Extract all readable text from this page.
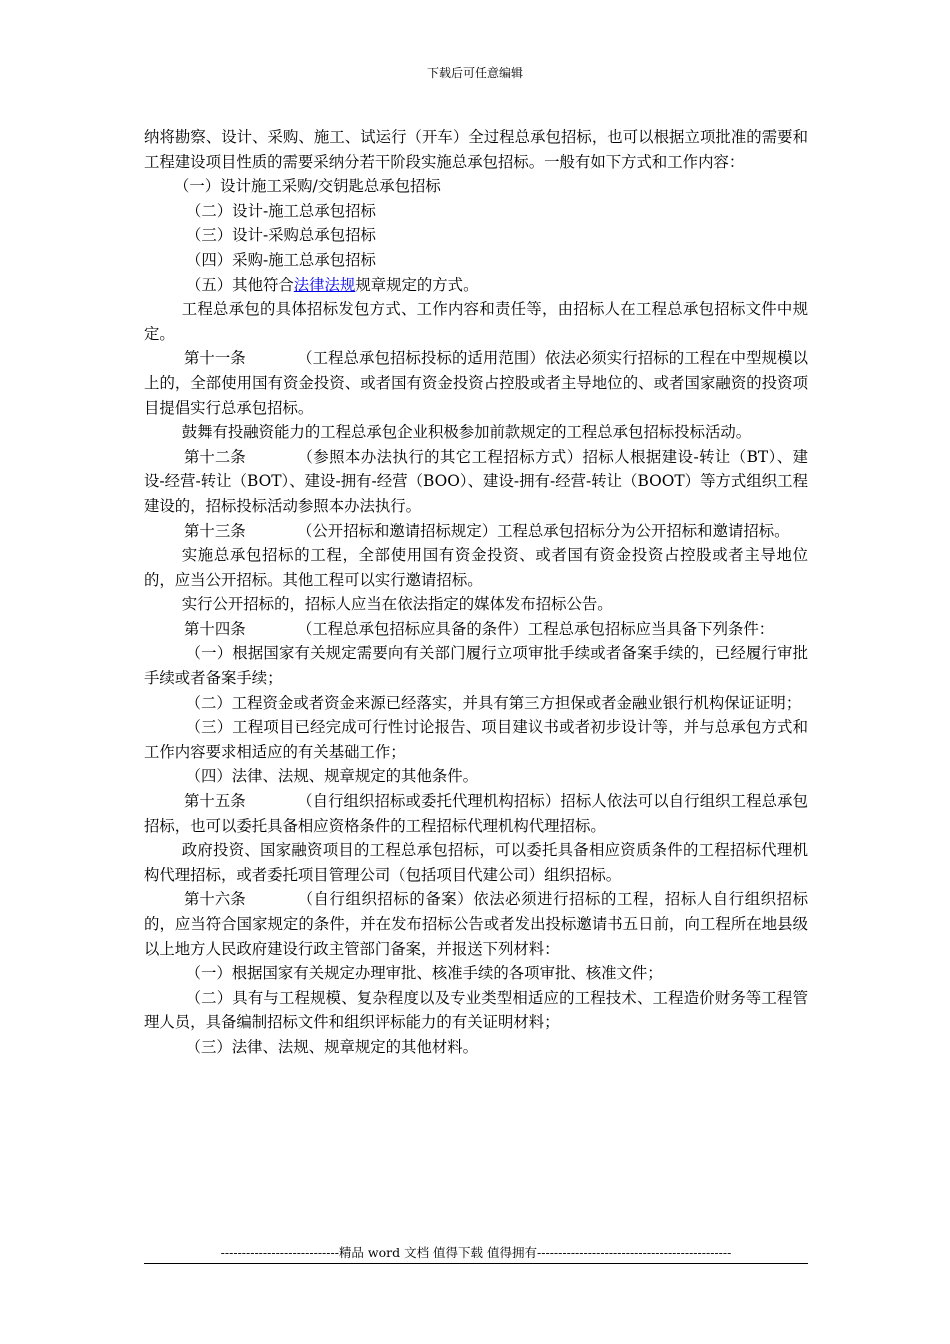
下载后可任意编辑

纳将勘察、设计、采购、施工、试运行（开车）全过程总承包招标，也可以根据立项批准的需要和工程建设项目性质的需要采纳分若干阶段实施总承包招标。一般有如下方式和工作内容：

（一）设计施工采购/交钥匙总承包招标

（二）设计-施工总承包招标

（三）设计-采购总承包招标

（四）采购-施工总承包招标

（五）其他符合法律法规规章规定的方式。

工程总承包的具体招标发包方式、工作内容和责任等，由招标人在工程总承包招标文件中规定。

第十一条	（工程总承包招标投标的适用范围）依法必须实行招标的工程在中型规模以上的，全部使用国有资金投资、或者国有资金投资占控股或者主导地位的、或者国家融资的投资项目提倡实行总承包招标。

鼓舞有投融资能力的工程总承包企业积极参加前款规定的工程总承包招标投标活动。

第十二条	（参照本办法执行的其它工程招标方式）招标人根据建设-转让（BT）、建设-经营-转让（BOT）、建设-拥有-经营（BOO）、建设-拥有-经营-转让（BOOT）等方式组织工程建设的，招标投标活动参照本办法执行。

第十三条	（公开招标和邀请招标规定）工程总承包招标分为公开招标和邀请招标。

实施总承包招标的工程，全部使用国有资金投资、或者国有资金投资占控股或者主导地位的，应当公开招标。其他工程可以实行邀请招标。

实行公开招标的，招标人应当在依法指定的媒体发布招标公告。

第十四条	（工程总承包招标应具备的条件）工程总承包招标应当具备下列条件：

（一）根据国家有关规定需要向有关部门履行立项审批手续或者备案手续的，已经履行审批手续或者备案手续；

（二）工程资金或者资金来源已经落实，并具有第三方担保或者金融业银行机构保证证明；

（三）工程项目已经完成可行性讨论报告、项目建议书或者初步设计等，并与总承包方式和工作内容要求相适应的有关基础工作；

（四）法律、法规、规章规定的其他条件。

第十五条	（自行组织招标或委托代理机构招标）招标人依法可以自行组织工程总承包招标，也可以委托具备相应资格条件的工程招标代理机构代理招标。

政府投资、国家融资项目的工程总承包招标，可以委托具备相应资质条件的工程招标代理机构代理招标，或者委托项目管理公司（包括项目代建公司）组织招标。

第十六条	（自行组织招标的备案）依法必须进行招标的工程，招标人自行组织招标的，应当符合国家规定的条件，并在发布招标公告或者发出投标邀请书五日前，向工程所在地县级以上地方人民政府建设行政主管部门备案，并报送下列材料：

（一）根据国家有关规定办理审批、核准手续的各项审批、核准文件；

（二）具有与工程规模、复杂程度以及专业类型相适应的工程技术、工程造价财务等工程管理人员，具备编制招标文件和组织评标能力的有关证明材料；

（三）法律、法规、规章规定的其他材料。

----------------------------精品 word 文档 值得下载 值得拥有----------------------------------------------
